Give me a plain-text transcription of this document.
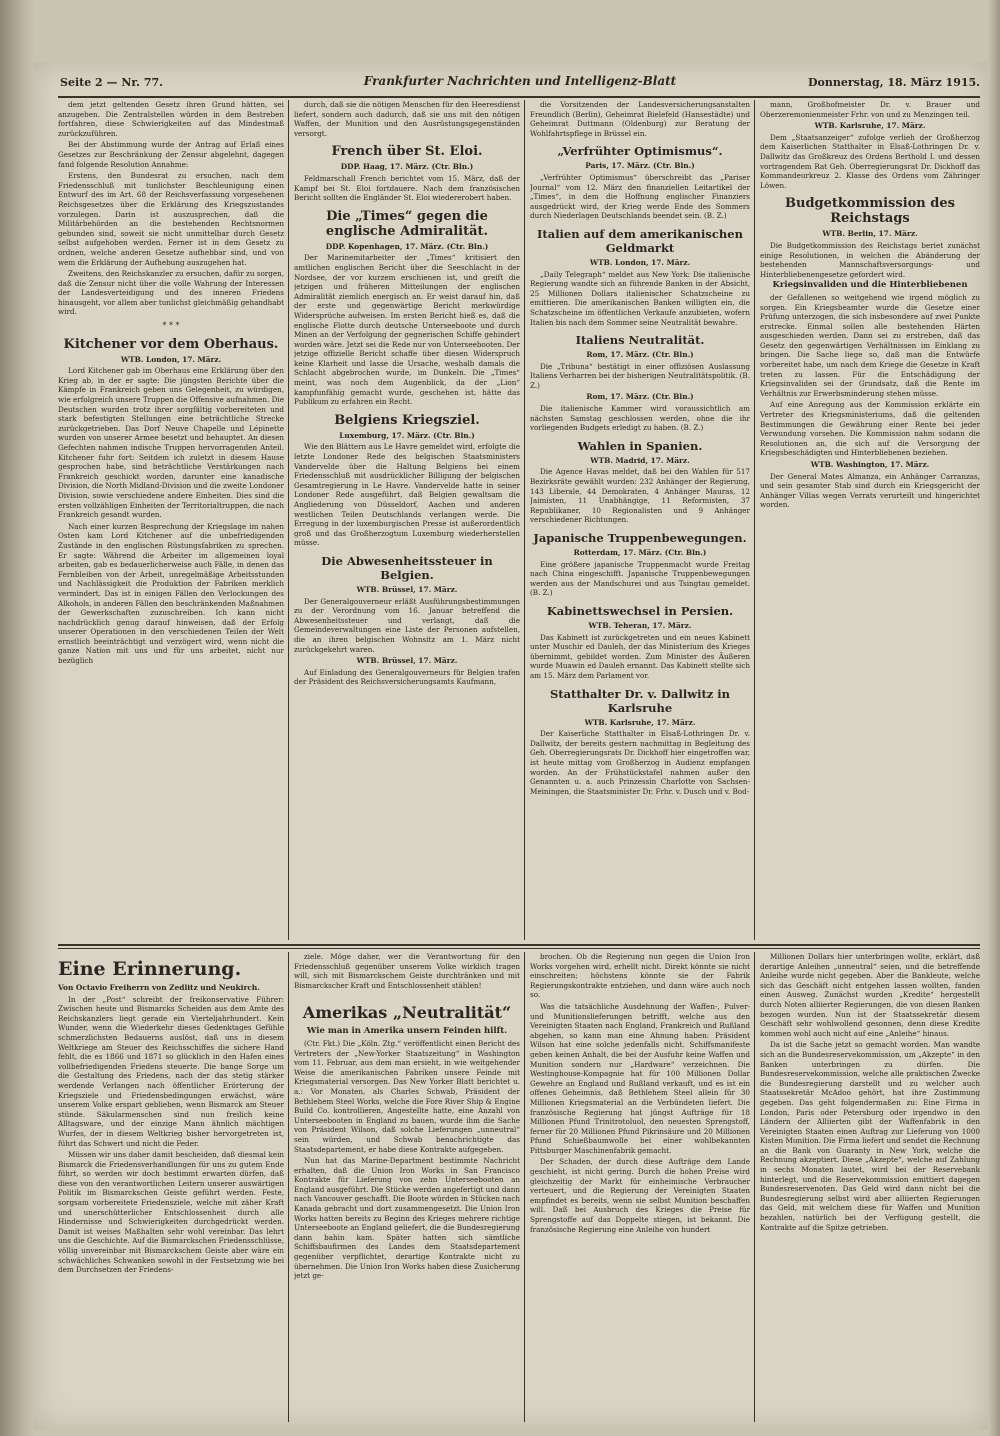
Seite 2 — Nr. 77.	Frankfurter Nachrichten und Intelligenz-Blatt	Donnerstag, 18. März 1915.

dem jetzt geltenden Gesetz ihren Grund hätten, sei anzugeben. Die Zentralstellen würden in dem Bestreben fortfahren, diese Schwierigkeiten auf das Mindestmaß zurückzuführen.

Bei der Abstimmung wurde der Antrag auf Erlaß eines Gesetzes zur Beschränkung der Zensur abgelehnt, dagegen fand folgende Resolution Annahme:

Erstens, den Bundesrat zu ersuchen, nach dem Friedensschluß mit tunlichster Beschleunigung einen Entwurf des im Art. 68 der Reichsverfassung vorgesehenen Reichsgesetzes über die Erklärung des Kriegszustandes vorzulegen. Darin ist auszusprechen, daß die Militärbehörden an die bestehenden Rechtsnormen gebunden sind, soweit sie nicht unmittelbar durch Gesetz selbst aufgehoben werden. Ferner ist in dem Gesetz zu ordnen, welche anderen Gesetze aufhebbar sind, und von wem die Erklärung der Aufhebung auszugehen hat.

Zweitens, den Reichskanzler zu ersuchen, dafür zu sorgen, daß die Zensur nicht über die volle Wahrung der Interessen der Landesverteidigung und des inneren Friedens hinausgeht, vor allem aber tunlichst gleichmäßig gehandhabt wird.

* * *
Kitchener vor dem Oberhaus.
WTB. London, 17. März.

Lord Kitchener gab im Oberhaus eine Erklärung über den Krieg ab, in der er sagte: Die jüngsten Berichte über die Kämpfe in Frankreich geben uns Gelegenheit, zu würdigen, wie erfolgreich unsere Truppen die Offensive aufnahmen. Die Deutschen wurden trotz ihrer sorgfältig vorbereiteten und stark befestigten Stellungen eine beträchtliche Strecke zurückgetrieben. Das Dorf Neuve Chapelle und Lépinette wurden von unserer Armee besetzt und behauptet. An diesen Gefechten nahmen indische Truppen hervorragenden Anteil. Kitchener fuhr fort: Seitdem ich zuletzt in diesem Hause gesprochen habe, sind beträchtliche Verstärkungen nach Frankreich geschickt worden, darunter eine kanadische Division, die North Midland-Division und die zweite Londoner Division, sowie verschiedene andere Einheiten. Dies sind die ersten vollzähligen Einheiten der Territorialtruppen, die nach Frankreich gesandt wurden.

Nach einer kurzen Besprechung der Kriegslage im nahen Osten kam Lord Kitchener auf die unbefriedigenden Zustände in den englischen Rüstungsfabriken zu sprechen. Er sagte: Während die Arbeiter im allgemeinen loyal arbeiten, gab es bedauerlicherweise auch Fälle, in denen das Fernbleiben von der Arbeit, unregelmäßige Arbeitsstunden und Nachlässigkeit die Produktion der Fabriken merklich vermindert. Das ist in einigen Fällen den Verlockungen des Alkohols, in anderen Fällen den beschränkenden Maßnahmen der Gewerkschaften zuzuschreiben. Ich kann nicht nachdrücklich genug darauf hinweisen, daß der Erfolg unserer Operationen in den verschiedenen Teilen der Welt ernstlich beeinträchtigt und verzögert wird, wenn nicht die ganze Nation mit uns und für uns arbeitet, nicht nur bezüglich

durch, daß sie die nötigen Menschen für den Heeresdienst liefert, sondern auch dadurch, daß sie uns mit den nötigen Waffen, der Munition und den Ausrüstungsgegenständen versorgt.

French über St. Eloi.
DDP. Haag, 17. März. (Ctr. Bln.)

Feldmarschall French berichtet vom 15. März, daß der Kampf bei St. Eloi fortdauere. Nach dem französischen Bericht sollten die Engländer St. Eloi wiedererobert haben.

Die „Times“ gegen die englische Admiralität.
DDP. Kopenhagen, 17. März. (Ctr. Bln.)

Der Marinemitarbeiter der „Times“ kritisiert den amtlichen englischen Bericht über die Seeschlacht in der Nordsee, der vor kurzem erschienen ist, und greift die jetzigen und früheren Mitteilungen der englischen Admiralität ziemlich energisch an. Er weist darauf hin, daß der erste und gegenwärtige Bericht merkwürdige Widersprüche aufweisen. Im ersten Bericht hieß es, daß die englische Flotte durch deutsche Unterseeboote und durch Minen an der Verfolgung der gegnerischen Schiffe gehindert worden wäre. Jetzt sei die Rede nur von Unterseebooten. Der jetzige offizielle Bericht schaffe über diesen Widerspruch keine Klarheit und lasse die Ursache, weshalb damals die Schlacht abgebrochen wurde, im Dunkeln. Die „Times“ meint, was noch dem Augenblick, da der „Lion“ kampfunfähig gemacht wurde, geschehen ist, hätte das Publikum zu erfahren ein Recht.

Belgiens Kriegsziel.
Luxemburg, 17. März. (Ctr. Bln.)

Wie den Blättern aus Le Havre gemeldet wird, erfolgte die letzte Londoner Rede des belgischen Staatsministers Vandervelde über die Haltung Belgiens bei einem Friedensschluß mit ausdrücklicher Billigung der belgischen Gesamtregierung in Le Havre. Vandervelde hatte in seiner Londoner Rede ausgeführt, daß Belgien gewaltsam die Angliederung von Düsseldorf, Aachen und anderen westlichen Teilen Deutschlands verlangen werde. Die Erregung in der luxemburgischen Presse ist außerordentlich groß und das Großherzogtum Luxemburg wiederherstellen müsse.

Die Abwesenheitssteuer in Belgien.
WTB. Brüssel, 17. März.

Der Generalgouverneur erläßt Ausführungsbestimmungen zu der Verordnung vom 16. Januar betreffend die Abwesenheitssteuer und verlangt, daß die Gemeindeverwaltungen eine Liste der Personen aufstellen, die an ihren belgischen Wohnsitz am 1. März nicht zurückgekehrt waren.

WTB. Brüssel, 17. März.

Auf Einladung des Generalgouverneurs für Belgien trafen der Präsident des Reichsversicherungsamts Kaufmann,

die Vorsitzenden der Landesversicherungsanstalten Freundlich (Berlin), Geheimrat Bielefeld (Hansestädte) und Geheimrat Duttmann (Oldenburg) zur Beratung der Wohlfahrtspflege in Brüssel ein.

„Verfrühter Optimismus“.
Paris, 17. März. (Ctr. Bln.)

„Verfrühter Optimismus“ überschreibt das „Pariser Journal“ vom 12. März den finanziellen Leitartikel der „Times“, in dem die Hoffnung englischer Finanziers ausgedrückt wird, der Krieg werde Ende des Sommers durch Niederlagen Deutschlands beendet sein. (B. Z.)

Italien auf dem amerikanischen Geldmarkt
WTB. London, 17. März.

„Daily Telegraph“ meldet aus New York: Die italienische Regierung wandte sich an führende Banken in der Absicht, 25 Millionen Dollars italienischer Schatzscheine zu emittieren. Die amerikanischen Banken willigten ein, die Schatzscheine im öffentlichen Verkaufe anzubieten, wofern Italien bis nach dem Sommer seine Neutralität bewahre.

Italiens Neutralität.
Rom, 17. März. (Ctr. Bln.)

Die „Tribuna“ bestätigt in einer offiziösen Auslassung Italiens Verharren bei der bisherigen Neutralitätspolitik. (B. Z.)

Rom, 17. März. (Ctr. Bln.)

Die italienische Kammer wird voraussichtlich am nächsten Samstag geschlossen werden, ohne die ihr vorliegenden Budgets erledigt zu haben. (B. Z.)

Wahlen in Spanien.
WTB. Madrid, 17. März.

Die Agence Havas meldet, daß bei den Wahlen für 517 Bezirksräte gewählt wurden: 232 Anhänger der Regierung, 143 Liberale, 44 Demokraten, 4 Anhänger Mauras, 12 Jaimisten, 11 Unabhängige, 11 Reformisten, 37 Republikaner, 10 Regionalisten und 9 Anhänger verschiedener Richtungen.

Japanische Truppenbewegungen.
Rotterdam, 17. März. (Ctr. Bln.)

Eine größere japanische Truppenmacht wurde Freitag nach China eingeschifft. Japanische Truppenbewegungen werden aus der Mandschurei und aus Tsingtau gemeldet. (B. Z.)

Kabinettswechsel in Persien.
WTB. Teheran, 17. März.

Das Kabinett ist zurückgetreten und ein neues Kabinett unter Muschir ed Dauleh, der das Ministerium des Krieges übernimmt, gebildet worden. Zum Minister des Äußeren wurde Muawin ed Dauleh ernannt. Das Kabinett stellte sich am 15. März dem Parlament vor.

Statthalter Dr. v. Dallwitz in Karlsruhe
WTB. Karlsruhe, 17. März.

Der Kaiserliche Statthalter in Elsaß-Lothringen Dr. v. Dallwitz, der bereits gestern nachmittag in Begleitung des Geh. Oberregierungsrats Dr. Dickhoff hier eingetroffen war, ist heute mittag vom Großherzog in Audienz empfangen worden. An der Frühstückstafel nahmen außer den Genannten u. a. auch Prinzessin Charlotte von Sachsen-Meiningen, die Staatsminister Dr. Frhr. v. Dusch und v. Bod-

mann, Großhofmeister Dr. v. Brauer und Oberzeremonienmeister Frhr. von und zu Menzingen teil.

WTB. Karlsruhe, 17. März.

Dem „Staatsanzeiger“ zufolge verlieh der Großherzog dem Kaiserlichen Statthalter in Elsaß-Lothringen Dr. v. Dallwitz das Großkreuz des Ordens Berthold I. und dessen vortragendem Rat Geh. Oberregierungsrat Dr. Dickhoff das Kommandeurkreuz 2. Klasse des Ordens vom Zähringer Löwen.

Budgetkommission des Reichstags
WTB. Berlin, 17. März.

Die Budgetkommission des Reichstags beriet zunächst einige Resolutionen, in welchen die Abänderung der bestehenden Mannschaftsversorgungs- und Hinterbliebenengesetze gefordert wird.

Kriegsinvaliden und die Hinterbliebenen

der Gefallenen so weitgehend wie irgend möglich zu sorgen. Ein Kriegsbeamter wurde die Gesetze einer Prüfung unterzogen, die sich insbesondere auf zwei Punkte erstrecke. Einmal sollen alle bestehenden Härten ausgeschieden werden. Dann sei zu erstreben, daß das Gesetz den gegenwärtigen Verhältnissen im Einklang zu bringen. Die Sache liege so, daß man die Entwürfe vorbereitet habe, um nach dem Kriege die Gesetze in Kraft treten zu lassen. Für die Entschädigung der Kriegsinvaliden sei der Grundsatz, daß die Rente im Verhältnis zur Erwerbsminderung stehen müsse.

Auf eine Anregung aus der Kommission erklärte ein Vertreter des Kriegsministeriums, daß die geltenden Bestimmungen die Gewährung einer Rente bei jeder Verwundung vorsehen. Die Kommission nahm sodann die Resolutionen an, die sich auf die Versorgung der Kriegsbeschädigten und Hinterbliebenen beziehen.

WTB. Washington, 17. März.

Der General Mates Almanza, ein Anhänger Carranzas, und sein gesamter Stab sind durch ein Kriegsgericht der Anhänger Villas wegen Verrats verurteilt und hingerichtet worden.

Eine Erinnerung.
Von Octavio Freiherrn von Zedlitz und Neukirch.

In der „Post“ schreibt der freikonservative Führer: Zwischen heute und Bismarcks Scheiden aus dem Amte des Reichskanzlers liegt gerade ein Vierteljahrhundert. Kein Wunder, wenn die Wiederkehr dieses Gedenktages Gefühle schmerzlichsten Bedauerns auslöst, daß uns in diesem Weltkriege am Steuer des Reichsschiffes die sichere Hand fehlt, die es 1866 und 1871 so glücklich in den Hafen eines vollbefriedigenden Friedens steuerte. Die bange Sorge um die Gestaltung des Friedens, nach der das stetig stärker werdende Verlangen nach öffentlicher Erörterung der Kriegsziele und Friedensbedingungen erwächst, wäre unserem Volke erspart geblieben, wenn Bismarck am Steuer stünde. Säkularmenschen sind nun freilich keine Alltagsware, und der einzige Mann ähnlich mächtigen Wurfes, der in diesem Weltkrieg bisher hervorgetreten ist, führt das Schwert und nicht die Feder.

Müssen wir uns daher damit bescheiden, daß diesmal kein Bismarck die Friedensverhandlungen für uns zu gutem Ende führt, so werden wir doch bestimmt erwarten dürfen, daß diese von den verantwortlichen Leitern unserer auswärtigen Politik im Bismarckschen Geiste geführt werden. Feste, sorgsam vorbereitete Friedensziele, welche mit zäher Kraft und unerschütterlicher Entschlossenheit durch alle Hindernisse und Schwierigkeiten durchgedrückt werden. Damit ist weises Maßhalten sehr wohl vereinbar. Das lehrt uns die Geschichte. Auf die Bismarckschen Friedensschlüsse, völlig unvereinbar mit Bismarckschem Geiste aber wäre ein schwächliches Schwanken sowohl in der Festsetzung wie bei dem Durchsetzen der Friedens-

ziele. Möge daher, wer die Verantwortung für den Friedensschluß gegenüber unserem Volke wirklich tragen will, sich mit Bismarckschem Geiste durchtränken und mit Bismarckscher Kraft und Entschlossenheit stählen!

Amerikas „Neutralität“
Wie man in Amerika unsern Feinden hilft.

(Ctr. Fkt.) Die „Köln. Ztg.“ veröffentlicht einen Bericht des Vertreters der „New-Yorker Staatszeitung“ in Washington vom 11. Februar, aus dem man ersieht, in wie weitgehender Weise die amerikanischen Fabriken unsere Feinde mit Kriegsmaterial versorgen. Das New Yorker Blatt berichtet u. a.: Vor Monaten, als Charles Schwab, Präsident der Bethlehem Steel Works, welche die Fore River Ship & Engine Build Co. kontrollieren, Angestellte hatte, eine Anzahl von Unterseebooten in England zu bauen, wurde ihm die Sache von Präsident Wilson, daß solche Lieferungen „unneutral“ sein würden, und Schwab benachrichtigte das Staatsdepartement, er habe diese Kontrakte aufgegeben.

Nun hat das Marine-Department bestimmte Nachricht erhalten, daß die Union Iron Works in San Francisco Kontrakte für Lieferung von zehn Unterseebooten an England ausgeführt. Die Stücke werden angefertigt und dann nach Vancouver geschafft. Die Boote würden in Stücken nach Kanada gebracht und dort zusammengesetzt. Die Union Iron Works hatten bereits zu Beginn des Krieges mehrere richtige Unterseeboote an England geliefert, die die Bundesregierung dann bahin kam. Später hatten sich sämtliche Schiffsbaufirmen des Landes dem Staatsdepartement gegenüber verpflichtet, derartige Kontrakte nicht zu übernehmen. Die Union Iron Works haben diese Zusicherung jetzt ge-

brochen. Ob die Regierung nun gegen die Union Iron Works vorgehen wird, erhellt nicht. Direkt könnte sie nicht einschreiten; höchstens könnte sie der Fabrik Regierungskontrakte entziehen, und dann wäre auch noch so.

Was die tatsächliche Ausdehnung der Waffen-, Pulver- und Munitionslieferungen betrifft, welche aus den Vereinigten Staaten nach England, Frankreich und Rußland abgehen, so kann man eine Ahnung haben: Präsident Wilson hat eine solche jedenfalls nicht. Schiffsmanifeste geben keinen Anhalt, die bei der Ausfuhr keine Waffen und Munition sondern nur „Hardware“ verzeichnen. Die Westinghouse-Kompagnie hat für 100 Millionen Dollar Gewehre an England und Rußland verkauft, und es ist ein offenes Geheimnis, daß Bethlehem Steel allein für 30 Millionen Kriegsmaterial an die Verbündeten liefert. Die französische Regierung hat jüngst Aufträge für 18 Millionen Pfund Trinitrotoluol, den neuesten Sprengstoff, ferner für 20 Millionen Pfund Pikrinsäure und 20 Millionen Pfund Schießbaumwolle bei einer wohlbekannten Pittsburger Maschinenfabrik gemacht.

Der Schaden, der durch diese Aufträge dem Lande geschieht, ist nicht gering. Durch die hohen Preise wird gleichzeitig der Markt für einheimische Verbraucher verteuert, und die Regierung der Vereinigten Staaten empfindet es bereits, wenn sie selbst Munition beschaffen will. Daß bei Ausbruch des Krieges die Preise für Sprengstoffe auf das Doppelte stiegen, ist bekannt. Die französische Regierung eine Anleihe von hundert

Millionen Dollars hier unterbringen wollte, erklärt, daß derartige Anleihen „unneutral“ seien, und die betreffende Anleihe wurde nicht gegeben. Aber die Bankleute, welche sich das Geschäft nicht entgehen lassen wollten, fanden einen Ausweg. Zunächst wurden „Kredite“ hergestellt durch Noten alliierter Regierungen, die von diesen Banken bezogen wurden. Nun ist der Staatssekretär diesem Geschäft sehr wohlwollend gesonnen, denn diese Kredite kommen wohl auch nicht auf eine „Anleihe“ hinaus.

Da ist die Sache jetzt so gemacht worden. Man wandte sich an die Bundesreservekommission, um „Akzepte“ in den Banken unterbringen zu dürfen. Die Bundesreservekommission, welche alle praktischen Zwecke die Bundesregierung darstellt und zu welcher auch Staatssekretär McAdoo gehört, hat ihre Zustimmung gegeben. Das geht folgendermaßen zu: Eine Firma in London, Paris oder Petersburg oder irgendwo in den Ländern der Alliierten gibt der Waffenfabrik in den Vereinigten Staaten einen Auftrag zur Lieferung von 1000 Kisten Munition. Die Firma liefert und sendet die Rechnung an die Bank von Guaranty in New York, welche die Rechnung akzeptiert. Diese „Akzepte“, welche auf Zahlung in sechs Monaten lautet, wird bei der Reservebank hinterlegt, und die Reservekommission emittiert dagegen Bundesreservenoten. Das Geld wird dann nicht bei die Bundesregierung selbst wird aber alliierten Regierungen das Geld, mit welchem diese für Waffen und Munition bezahlen, natürlich bei der Verfügung gestellt, die Kontrakte auf die Spitze getrieben.
